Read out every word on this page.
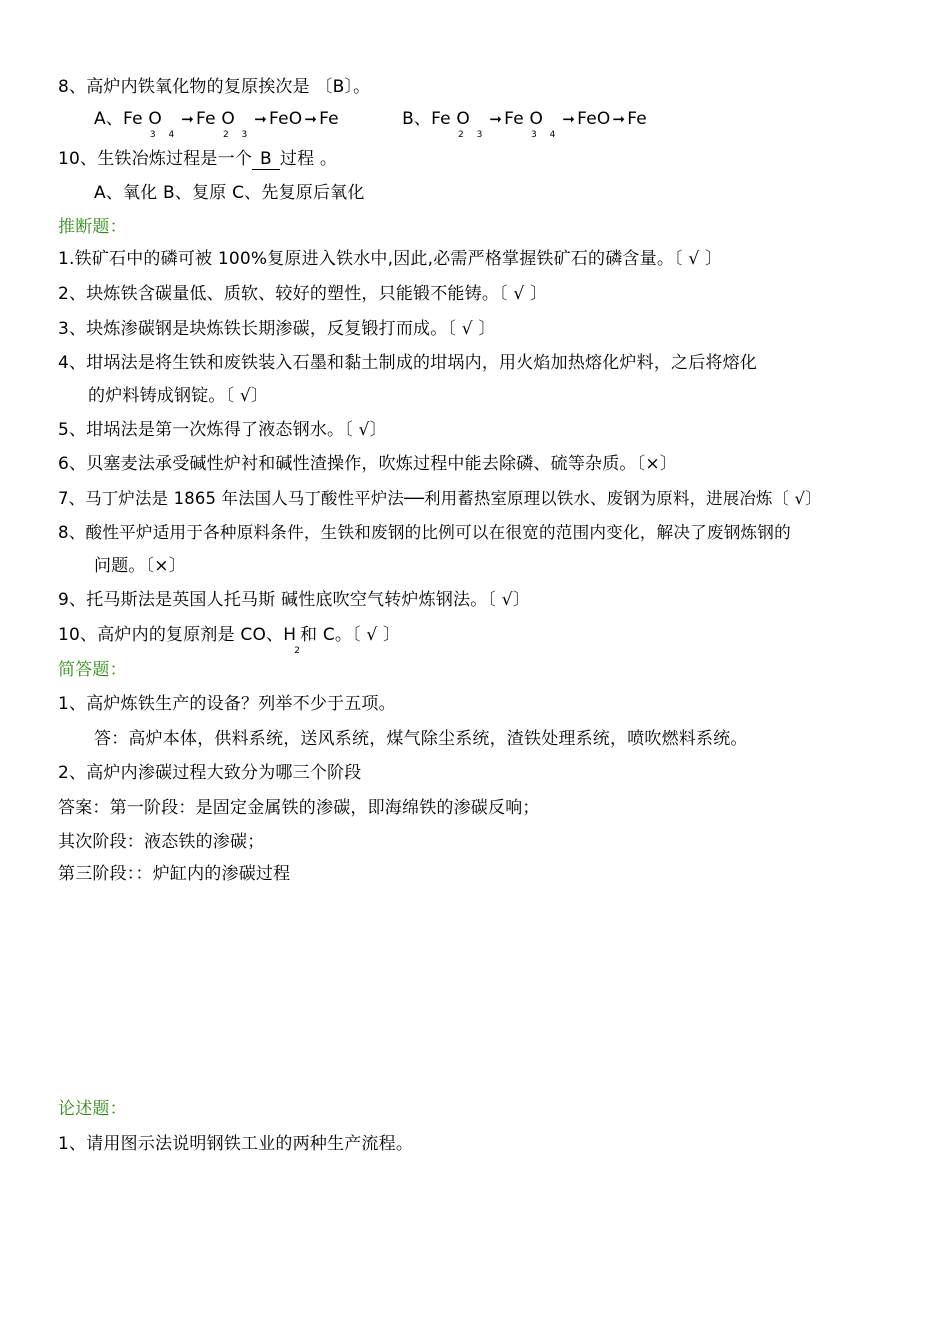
8、高炉内铁氧化物的复原挨次是 〔B〕。
A、Fe $O_{3 4}➞$ Fe $O_{2 3}➞$ FeO ➞ Fe	B、Fe $O_{2 3}➞$ Fe $O_{3 4}➞$ FeO ➞ Fe
10、生铁冶炼过程是一个 B 过程 。
A、氧化 B、复原 C、先复原后氧化
推断题：
1.铁矿石中的磷可被 100%复原进入铁水中,因此,必需严格掌握铁矿石的磷含量。〔 √ 〕
2、块炼铁含碳量低、质软、较好的塑性，只能锻不能铸。〔 √ 〕
3、块炼渗碳钢是块炼铁长期渗碳，反复锻打而成。〔 √ 〕
4、坩埚法是将生铁和废铁装入石墨和黏土制成的坩埚内，用火焰加热熔化炉料，之后将熔化
的炉料铸成钢锭。〔 √〕
5、坩埚法是第一次炼得了液态钢水。〔 √〕
6、贝塞麦法承受碱性炉衬和碱性渣操作，吹炼过程中能去除磷、硫等杂质。〔×〕
7、马丁炉法是 1865 年法国人马丁酸性平炉法──利用蓄热室原理以铁水、废钢为原料，进展冶炼〔 √〕
8、酸性平炉适用于各种原料条件，生铁和废钢的比例可以在很宽的范围内变化，解决了废钢炼钢的
问题。〔×〕
9、托马斯法是英国人托马斯 碱性底吹空气转炉炼钢法。〔 √〕
10、高炉内的复原剂是 CO、$H_2$和 C。〔 √ 〕
简答题：
1、高炉炼铁生产的设备？列举不少于五项。
答：高炉本体，供料系统，送风系统，煤气除尘系统，渣铁处理系统，喷吹燃料系统。
2、高炉内渗碳过程大致分为哪三个阶段
答案：第一阶段：是固定金属铁的渗碳，即海绵铁的渗碳反响；
其次阶段：液态铁的渗碳；
第三阶段：：炉缸内的渗碳过程
论述题：
1、请用图示法说明钢铁工业的两种生产流程。
